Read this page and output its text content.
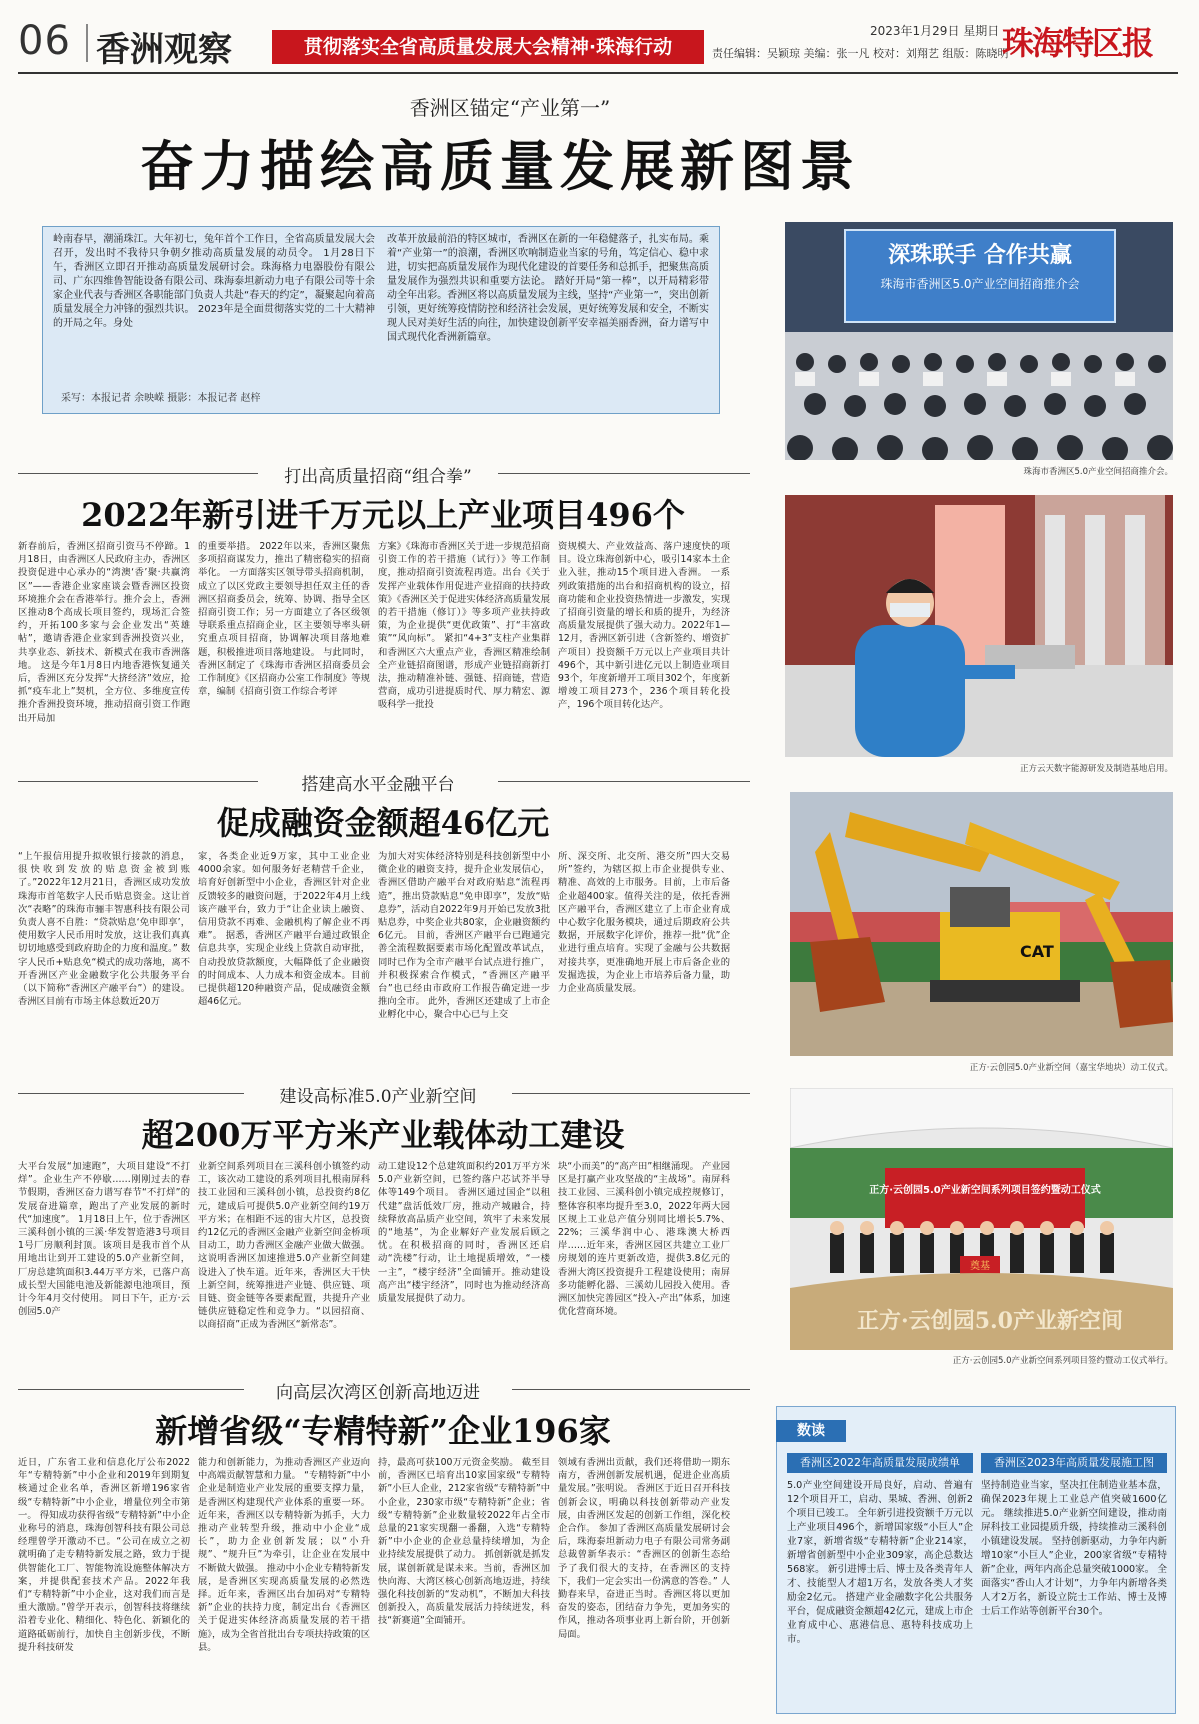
06 香洲观察	贯彻落实全省高质量发展大会精神·珠海行动
2023年1月29日 星期日
责任编辑：吴颖琼 美编：张一凡 校对：刘翔艺 组版：陈晓明
珠海特区报
香洲区锚定“产业第一”
奋力描绘高质量发展新图景
岭南春早，潮涌珠江。大年初七，兔年首个工作日，全省高质量发展大会召开，发出时不我待只争朝夕推动高质量发展的动员令。 1月28日下午，香洲区立即召开推动高质量发展研讨会。珠海格力电器股份有限公司、广东四维鲁智能设备有限公司、珠海泰坦新动力电子有限公司等十余家企业代表与香洲区各职能部门负责人共赴“春天的约定”，凝聚起向着高质量发展全力冲锋的强烈共识。 2023年是全面贯彻落实党的二十大精神的开局之年。身处
改革开放最前沿的特区城市，香洲区在新的一年稳健落子，扎实布局。乘着“产业第一”的浪潮，香洲区吹响制造业当家的号角，笃定信心、稳中求进，切实把高质量发展作为现代化建设的首要任务和总抓手，把聚焦高质量发展作为强烈共识和重要方法论。 踏好开局“第一棒”，以开局精彩带动全年出彩。香洲区将以高质量发展为主线，坚持“产业第一”，突出创新引领，更好统筹疫情防控和经济社会发展，更好统筹发展和安全，不断实现人民对美好生活的向往，加快建设创新平安幸福美丽香洲，奋力谱写中国式现代化香洲新篇章。
采写：本报记者 余映嵘 摄影：本报记者 赵梓
深珠联手 合作共赢
珠海市香洲区5.0产业空间招商推介会
珠海市香洲区5.0产业空间招商推介会。
打出高质量招商“组合拳”
2022年新引进千万元以上产业项目496个
新春前后，香洲区招商引资马不停蹄。1月18日，由香洲区人民政府主办，香洲区投资促进中心承办的“湾澳‘香’聚·共赢湾区”——香港企业家座谈会暨香洲区投资环境推介会在香港举行。推介会上，香洲区推动8个高成长项目签约，现场汇合签约，开拓100多家与会企业发出“英雄帖”，邀请香港企业家到香洲投资兴业，共享业态、新技术、新模式在我市香洲落地。 这是今年1月8日内地香港恢复通关后，香洲区充分发挥“大挤经济”效应，抢抓“疫车北上”契机，全方位、多维度宣传推介香洲投资环境，推动招商引资工作跑出开局加
的重要举措。 2022年以来，香洲区聚焦多项招商谋发力，推出了精密稳实的招商举化。 一方面落实区领导带头招商机制，成立了以区党政主要领导担任双主任的香洲区招商委员会，统筹、协调、指导全区招商引资工作；另一方面建立了各区级领导联系重点招商企业，区主要领导率头研究重点项目招商，协调解决项目落地难题，积极推进项目落地建设。 与此同时，香洲区制定了《珠海市香洲区招商委员会工作制度》《区招商办公室工作制度》等规章，编制《招商引资工作综合考评
方案》《珠海市香洲区关于进一步规范招商引资工作的若干措施（试行）》等工作制度，推动招商引资流程再造。出台《关于发挥产业载体作用促进产业招商的扶持政策》《香洲区关于促进实体经济高质量发展的若干措施（修订）》等多项产业扶持政策，为企业提供“更优政策”、打“丰富政策”“风向标”。 紧扣“4+3”支柱产业集群和香洲区六大重点产业，香洲区精准绘制全产业链招商图谱，形成产业链招商新打法，推动精准补链、强链、招商链，营造营商，成功引进提质时代、厚力精宏、源吸科学一批投
资规模大、产业效益高、落户速度快的项目。设立珠海创新中心，吸引14家本土企业入驻，推动15个项目进入香洲。 一系列政策措施的出台和招商机构的设立，招商功能和企业投资热情进一步激发，实现了招商引资量的增长和质的提升，为经济高质量发展提供了强大动力。2022年1—12月，香洲区新引进（含新签约、增资扩产项目）投资额千万元以上产业项目共计496个，其中新引进亿元以上制造业项目93个，年度新增开工项目302个，年度新增竣工项目273个，236个项目转化投产，196个项目转化达产。
正方云天数字能源研发及制造基地启用。
搭建高水平金融平台
促成融资金额超46亿元
“上午报信用提升拟收银行接款的消息，很快收到发放的贴息资金被到账了。”2022年12月21日，香洲区成功发放珠海市首笔数字人民币贴息资金。这让首次“表略”的珠海市骊丰智惠科技有限公司负责人喜不自胜：“贷款贴息‘免申即享’，使用数字人民币用时发放，这让我们真真切切地感受到政府助企的力度和温度。” 数字人民币+贴息免“模式的成功落地，离不开香洲区产业金融数字化公共服务平台（以下简称“香洲区产融平台”）的建设。香洲区目前有市场主体总数近20万
家，各类企业近9万家，其中工业企业4000余家。如何服务好老精营千企业，培育好创新型中小企业，香洲区针对企业反馈较多的融资问题，于2022年4月上线该产融平台，致力于“让企业读上融资、信用贷款不再难、金融机构了解企业不再难”。 据悉，香洲区产融平台通过政银企信息共享，实现企业线上贷款自动审批，自动投放贷款额度，大幅降低了企业融资的时间成本、人力成本和资金成本。目前已提供超120种融资产品，促成融资金额超46亿元。
为加大对实体经济特别是科技创新型中小微企业的融资支持，提升企业发展信心，香洲区借助产融平台对政府贴息“流程再造”，推出贷款贴息“免申即享”，发放“贴息券”，活动自2022年9月开始已发放3批贴息券，中奖企业共80家，企业融资额约6亿元。 目前，香洲区产融平台已跑通完善全流程数据要素市场化配置改革试点，同时已作为全市产融平台试点进行推广，并积极探索合作模式，“香洲区产融平台”也已经由市政府工作报告确定进一步推向全市。 此外，香洲区还建成了上市企业孵化中心，聚合中心已与上交
所、深交所、北交所、港交所”四大交易所”签约，为辖区拟上市企业提供专业、精准、高效的上市服务。目前，上市后备企业超400家。值得关注的是，依托香洲区产融平台，香洲区建立了上市企业育成中心数字化服务模块，通过后期政府公共数据，开展数字化评价，推荐一批“优”企业进行重点培育。实现了金融与公共数据对接共享，更准确地开展上市后备企业的发掘选拔，为企业上市培养后备力量，助力企业高质量发展。
CAT
正方·云创园5.0产业新空间（嘉宝华地块）动工仪式。
建设高标准5.0产业新空间
超200万平方米产业载体动工建设
大平台发展“加速跑”，大项目建设“不打烊”。企业生产不停歇……刚刚过去的春节假期，香洲区奋力谱写春节“不打烊”的发展奋进篇章，跑出了产业发展的新时代“加速度”。 1月18日上午，位于香洲区三溪科创小镇的三溪·华发智造港3号项目1号厂房顺利封顶。该项目是我市首个从用地出让到开工建设的5.0产业新空间，厂房总建筑面积3.44万平方米，已落户高成长型大国能电池及新能源电池项目，预计今年4月交付使用。 同日下午，正方·云创园5.0产
业新空间系列项目在三溪科创小镇签约动工，该次动工建设的系列项目扎根南屏科技工业园和三溪科创小镇，总投资约8亿元，建成后可提供5.0产业新空间约19万平方米；在相距不远的宙大片区，总投资约12亿元的香洲区金融产业新空间金桥项目动工，助力香洲区金融产业做大做强。 这说明香洲区加速推进5.0产业新空间建设进入了快车道。近年来，香洲区大干快上新空间，统筹推进产业链、供应链、项目链、资金链等各要素配置，共提升产业链供应链稳定性和竞争力。“以园招商、以商招商”正成为香洲区“新常态”。
动工建设12个总建筑面积约201万平方米5.0产业新空间，已签约落户芯试芥半导体等149个项目。 香洲区通过国企“以租代建”盘活低效厂房，推动产城融合，持续释放高品质产业空间，筑牢了未来发展的“地基”，为企业解好产业发展后顾之忧。在积极招商的同时，香洲区还启动“洗楼”行动，让土地提质增效，“一楼一主”，“楼宇经济”全面铺开。推动建设高产出“楼宇经济”，同时也为推动经济高质量发展提供了动力。
块“小而美”的“高产田”相继涌现。 产业园区是打赢产业攻坚战的“主战场”。南屏科技工业园、三溪科创小镇完成控规修订，整体容积率均提升至3.0，2022年两大园区规上工业总产值分别同比增长5.7%、22%；三溪华润中心、港珠澳大桥西岸……近年来，香洲区园区共建立工业厂房规划的连片更新改造，提供3.8亿元的香洲大湾区投资提升工程建设使用；南屏多功能孵化器、三溪幼儿园投入使用。香洲区加快完善园区“投入-产出”体系，加速优化营商环境。
正方·云创园5.0产业新空间系列项目签约暨动工仪式
奠基
正方·云创园5.0产业新空间
正方·云创园5.0产业新空间系列项目签约暨动工仪式举行。
向高层次湾区创新高地迈进
新增省级“专精特新”企业196家
近日，广东省工业和信息化厅公布2022年“专精特新”中小企业和2019年到期复核通过企业名单，香洲区新增196家省级“专精特新”中小企业，增量位列全市第一。 得知成功获得省级“专精特新”中小企业称号的消息，珠海创智科技有限公司总经理曾学开激动不已。“公司在成立之初就明确了走专精特新发展之路，致力于提供智能化工厂、智能物流设施整体解决方案，并提供配套技术产品。2022年我们“专精特新”中小企业，这对我们而言是重大激励。”曾学开表示，创智科技将继续沿着专业化、精细化、特色化、新颖化的道路砥砺前行，加快自主创新步伐，不断提升科技研发
能力和创新能力，为推动香洲区产业迈向中高端贡献智慧和力量。 “专精特新”中小企业是制造业产业发展的重要支撑力量，是香洲区构建现代产业体系的重要一环。近年来，香洲区以专精特新为抓手，大力推动产业转型升级，推动中小企业“成长”，助力企业创新发展；以“小升规”、“规升巨”为牵引，让企业在发展中不断做大做强。 推动中小企业专精特新发展，是香洲区实现高质量发展的必然选择。近年来，香洲区出台加码对“专精特新”企业的扶持力度，制定出台《香洲区关于促进实体经济高质量发展的若干措施》，成为全省首批出台专项扶持政策的区县。
持，最高可获100万元资金奖励。 截至目前，香洲区已培育出10家国家级“专精特新”小巨人企业，212家省级“专精特新”中小企业，230家市级“专精特新”企业；省级“专精特新”企业数量较2022年占全市总量的21家实现翻一番翻，入选“专精特新”中小企业的企业总量持续增加，为企业持续发展提供了动力。 抓创新就是抓发展，谋创新就是谋未来。当前，香洲区加快向海、大湾区核心创新高地迈进，持续强化科技创新的“发动机”，不断加大科技创新投入，高质量发展活力持续迸发，科技“新赛道”全面铺开。
领域有香洲出贡献，我们还将借助一期东南方，香洲创新发展机遇，促进企业高质量发展。”张明说。 香洲区于近日召开科技创新会议，明确以科技创新带动产业发展，由香洲区发起的创新工作组，深化校企合作。 参加了香洲区高质量发展研讨会后，珠海泰坦新动力电子有限公司常务副总裁曾新华表示：“香洲区的创新生态给予了我们很大的支持，在香洲区的支持下，我们一定会实出一份满意的答卷。” 人勤春来早，奋进正当时。香洲区将以更加奋发的姿态，团结奋力争先，更加务实的作风，推动各项事业再上新台阶，开创新局面。
香洲区2022年高质量发展成绩单
5.0产业空间建设开局良好，启动、普遍有12个项目开工，启动、果城、香洲、创新2个项目已竣工。 全年新引进投资额千万元以上产业项目496个，新增国家级“小巨人”企业7家，新增省级“专精特新”企业214家，新增省创新型中小企业309家，高企总数达568家。 新引进博士后、博士及各类青年人才、技能型人才超1万名，发放各类人才奖励金2亿元。 搭建产业金融数字化公共服务平台，促成融资金额超42亿元，建成上市企业育成中心、惠港信息、惠特科技成功上市。
香洲区2023年高质量发展施工图
坚持制造业当家，坚决扛住制造业基本盘，确保2023年规上工业总产值突破1600亿元。 继续推进5.0产业新空间建设，推动南屏科技工业园提质升级，持续推动三溪科创小镇建设发展。 坚持创新驱动，力争年内新增10家“小巨人”企业，200家省级“专精特新”企业，两年内高企总量突破1000家。 全面落实“香山人才计划”，力争年内新增各类人才2万名，新设立院士工作站、博士及博士后工作站等创新平台30个。
数读
